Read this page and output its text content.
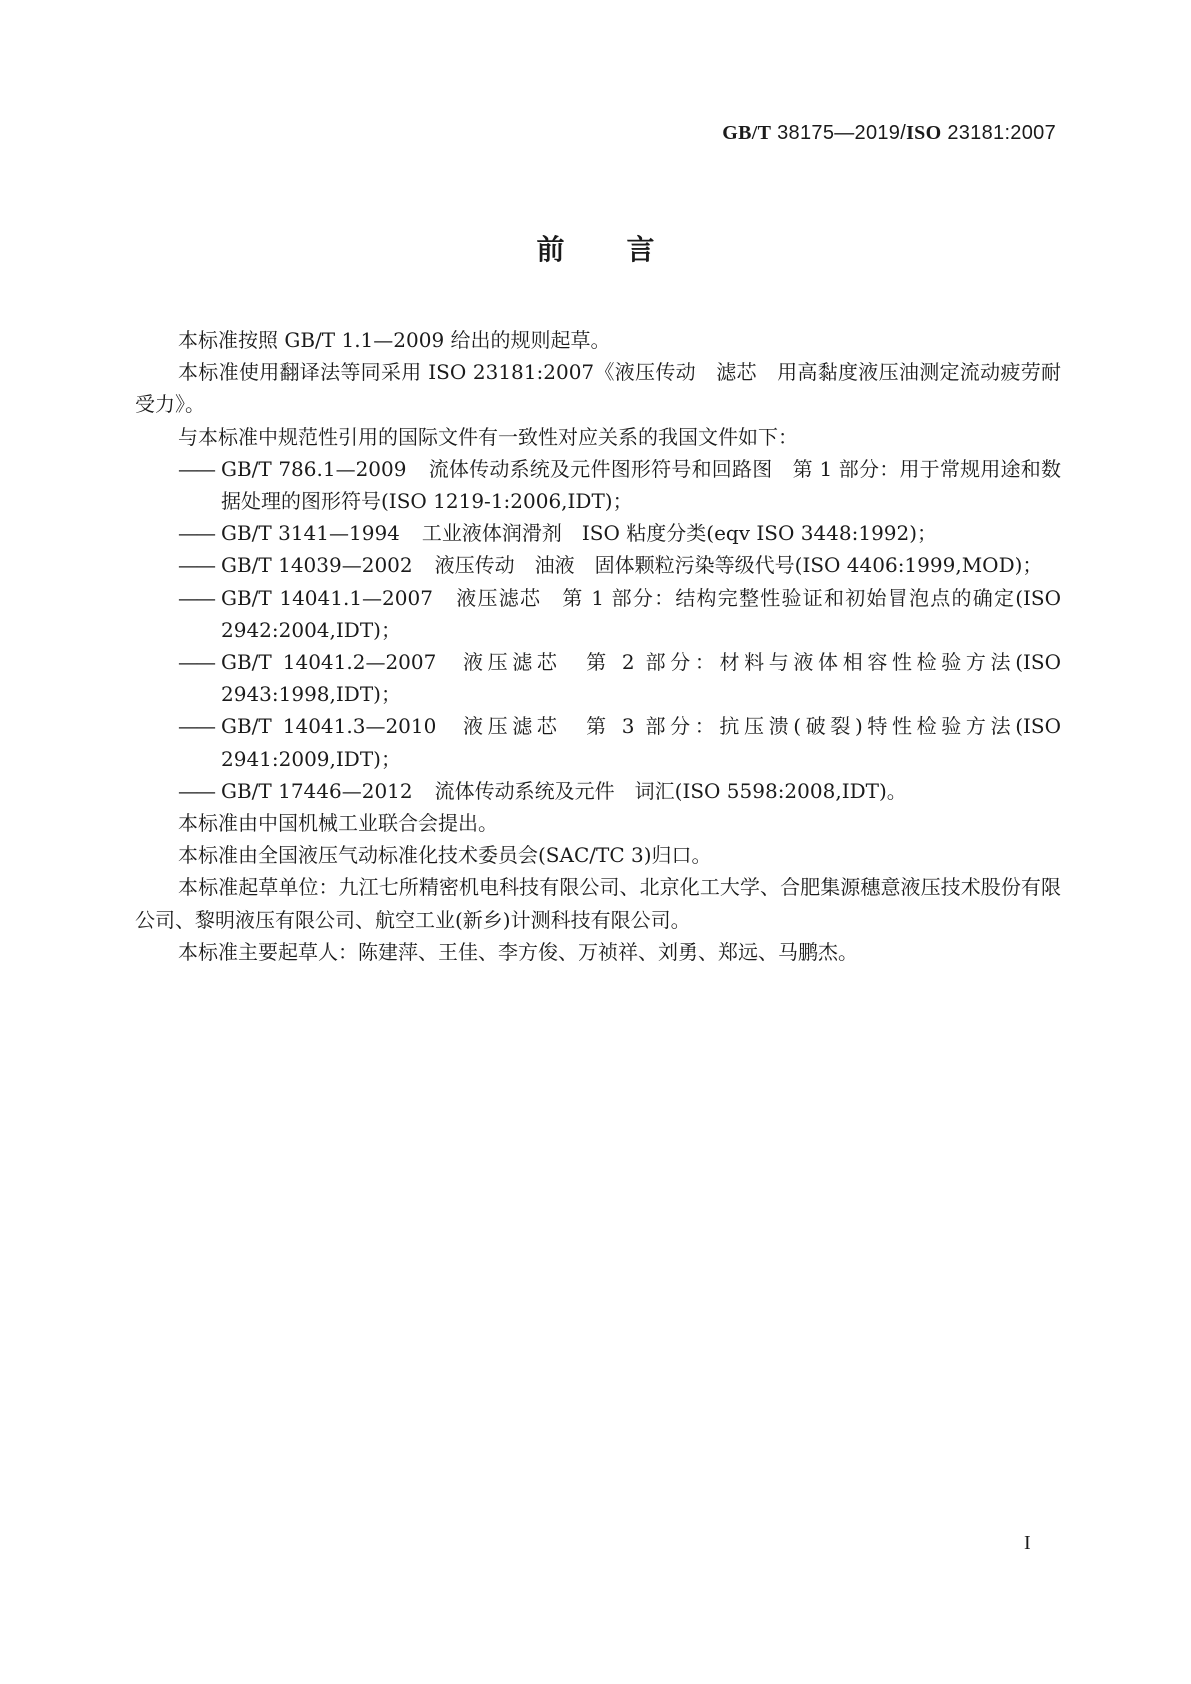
GB/T 38175—2019/ISO 23181:2007
前 言

本标准按照 GB/T 1.1—2009 给出的规则起草。

本标准使用翻译法等同采用 ISO 23181:2007《液压传动　滤芯　用高黏度液压油测定流动疲劳耐受力》。

与本标准中规范性引用的国际文件有一致性对应关系的我国文件如下：

—— GB/T 786.1—2009 流体传动系统及元件图形符号和回路图　第 1 部分：用于常规用途和数据处理的图形符号(ISO 1219-1:2006,IDT)；

—— GB/T 3141—1994 工业液体润滑剂　ISO 粘度分类(eqv ISO 3448:1992)；

—— GB/T 14039—2002 液压传动　油液　固体颗粒污染等级代号(ISO 4406:1999,MOD)；

—— GB/T 14041.1—2007 液压滤芯　第 1 部分：结构完整性验证和初始冒泡点的确定(ISO 2942:2004,IDT)；

—— GB/T 14041.2—2007 液压滤芯　第 2 部分：材料与液体相容性检验方法(ISO 2943:1998,IDT)；

—— GB/T 14041.3—2010 液压滤芯　第 3 部分：抗压溃(破裂)特性检验方法(ISO 2941:2009,IDT)；

—— GB/T 17446—2012 流体传动系统及元件　词汇(ISO 5598:2008,IDT)。

本标准由中国机械工业联合会提出。

本标准由全国液压气动标准化技术委员会(SAC/TC 3)归口。

本标准起草单位：九江七所精密机电科技有限公司、北京化工大学、合肥集源穗意液压技术股份有限公司、黎明液压有限公司、航空工业(新乡)计测科技有限公司。

本标准主要起草人：陈建萍、王佳、李方俊、万祯祥、刘勇、郑远、马鹏杰。

I
